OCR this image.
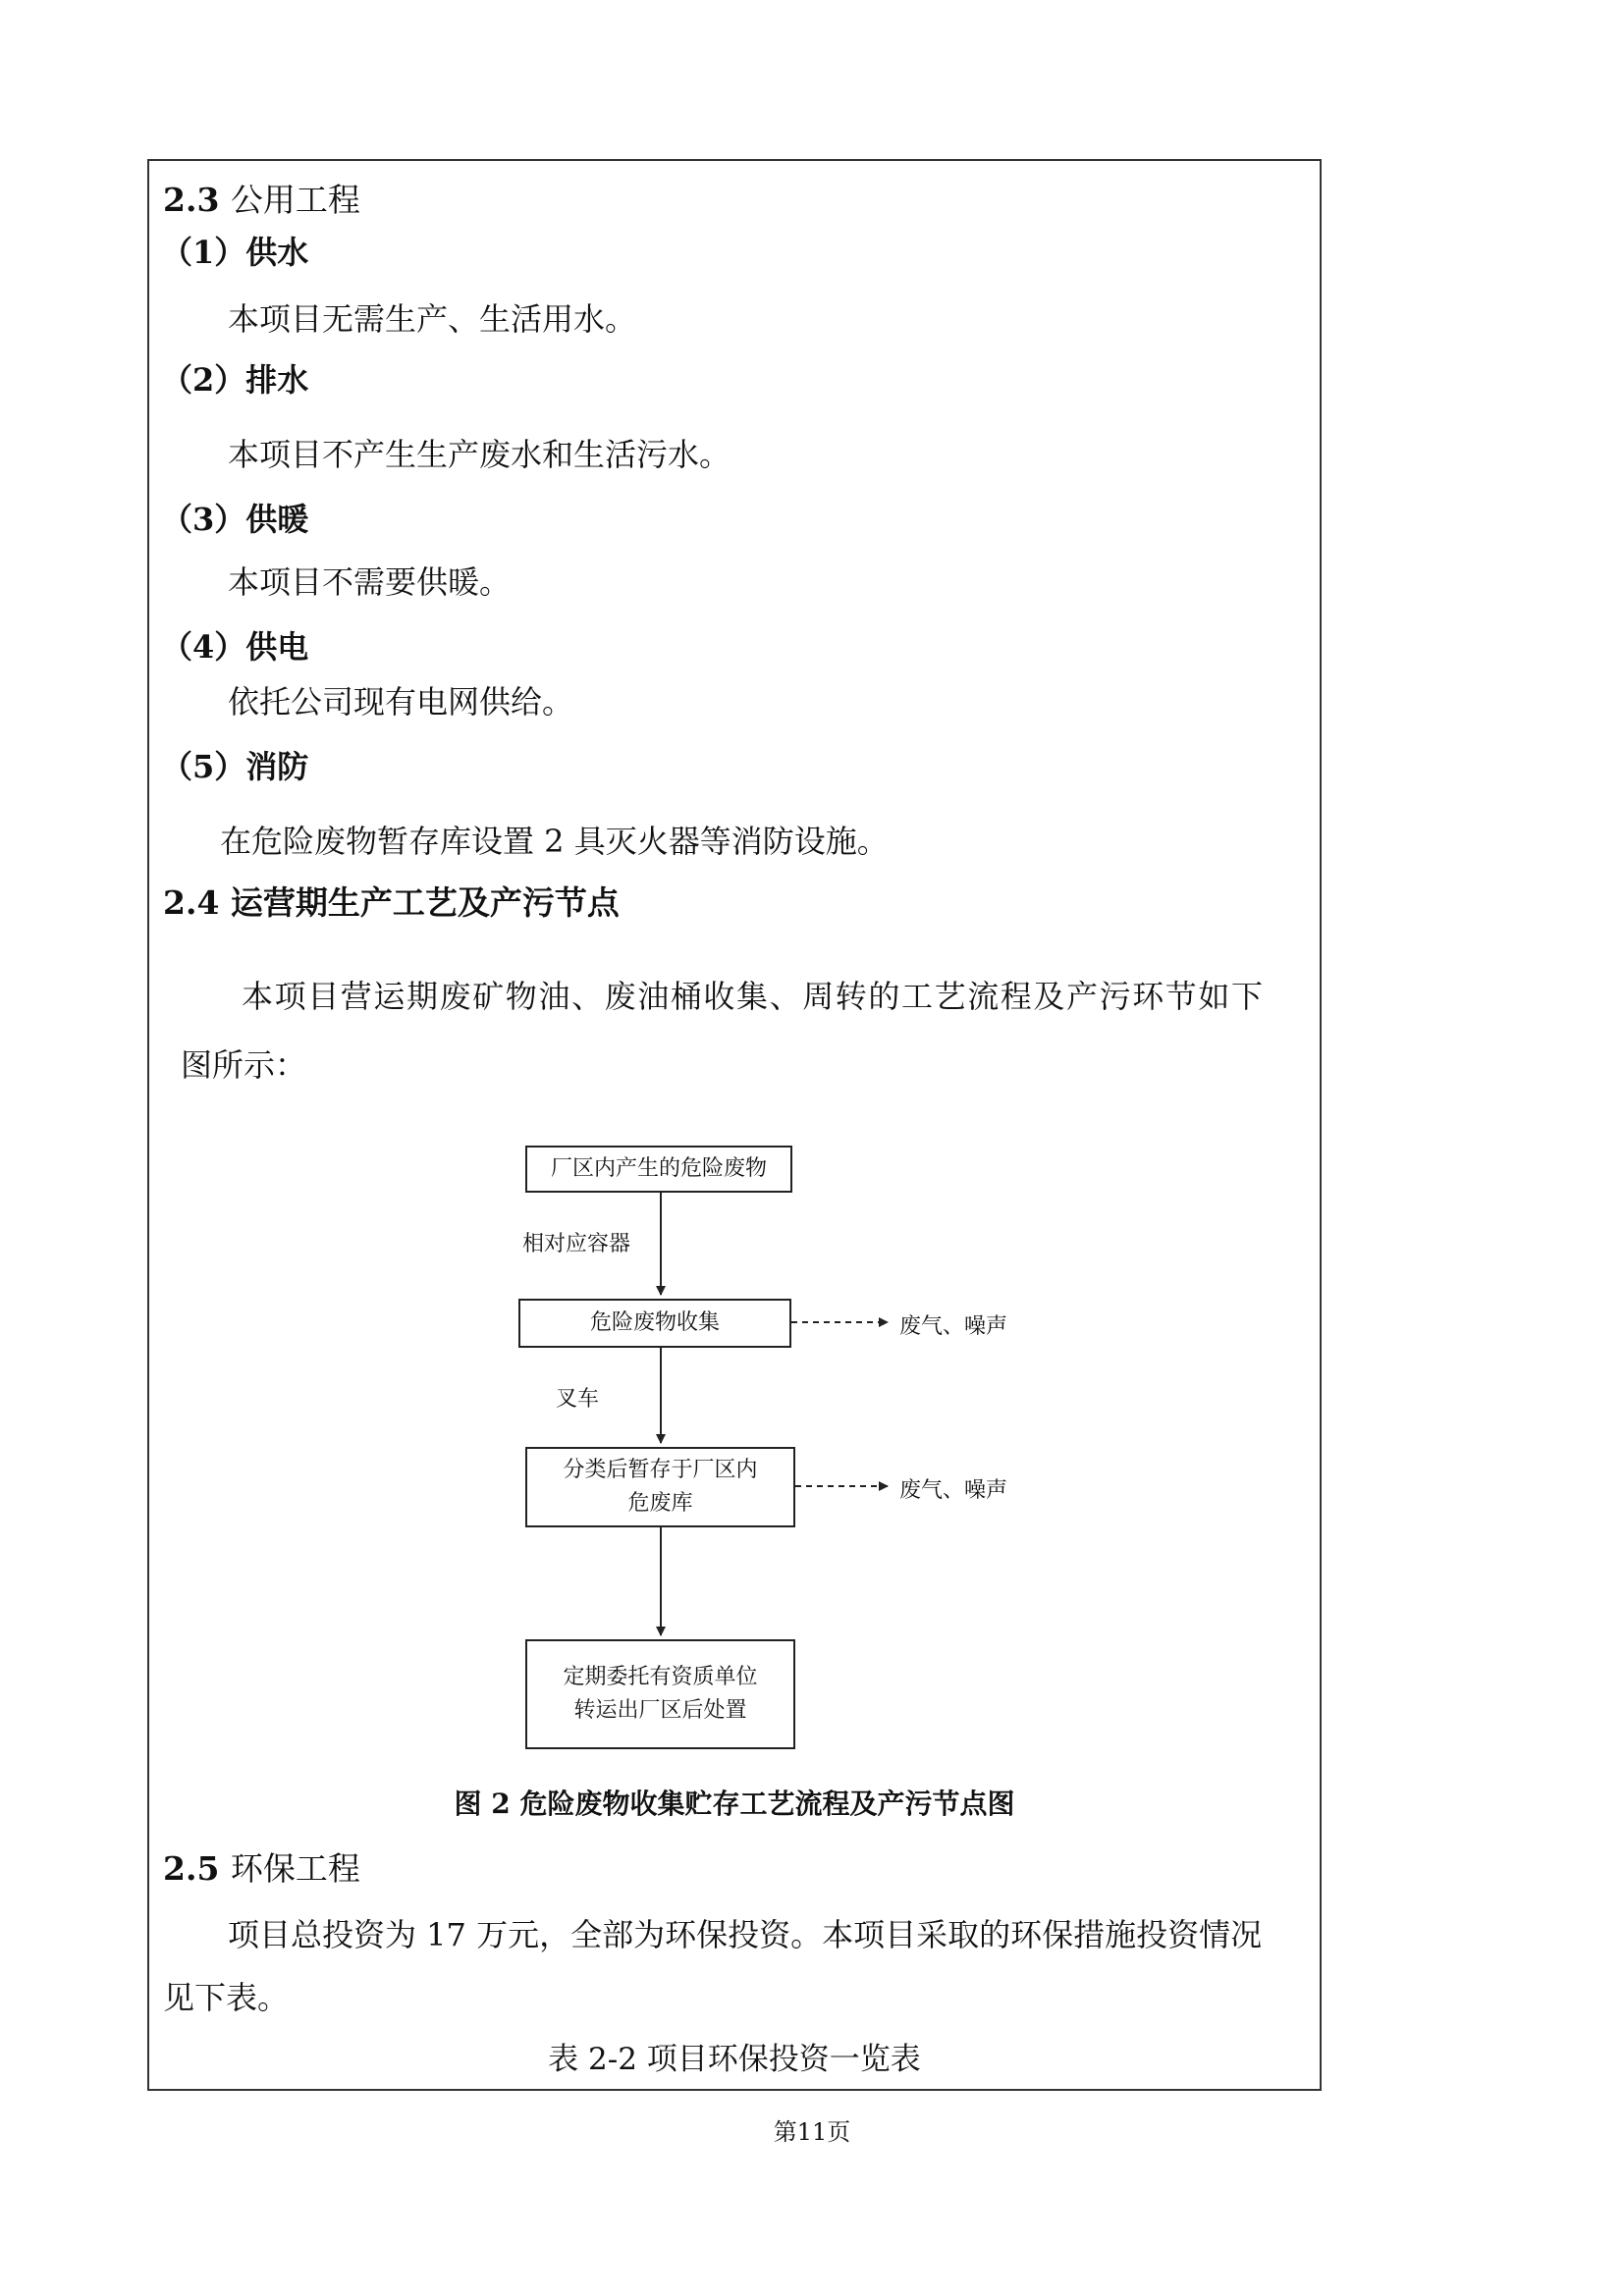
2.3 公用工程
（1）供水
本项目无需生产、生活用水。
（2）排水
本项目不产生生产废水和生活污水。
（3）供暖
本项目不需要供暖。
（4）供电
依托公司现有电网供给。
（5）消防
在危险废物暂存库设置 2 具灭火器等消防设施。
2.4 运营期生产工艺及产污节点
本项目营运期废矿物油、废油桶收集、周转的工艺流程及产污环节如下
图所示：
厂区内产生的危险废物
相对应容器
危险废物收集	废气、噪声
叉车
分类后暂存于厂区内
危废库
废气、噪声
定期委托有资质单位
转运出厂区后处置
图 2 危险废物收集贮存工艺流程及产污节点图
2.5 环保工程
项目总投资为 17 万元，全部为环保投资。本项目采取的环保措施投资情况
见下表。
表 2-2 项目环保投资一览表
第11页
